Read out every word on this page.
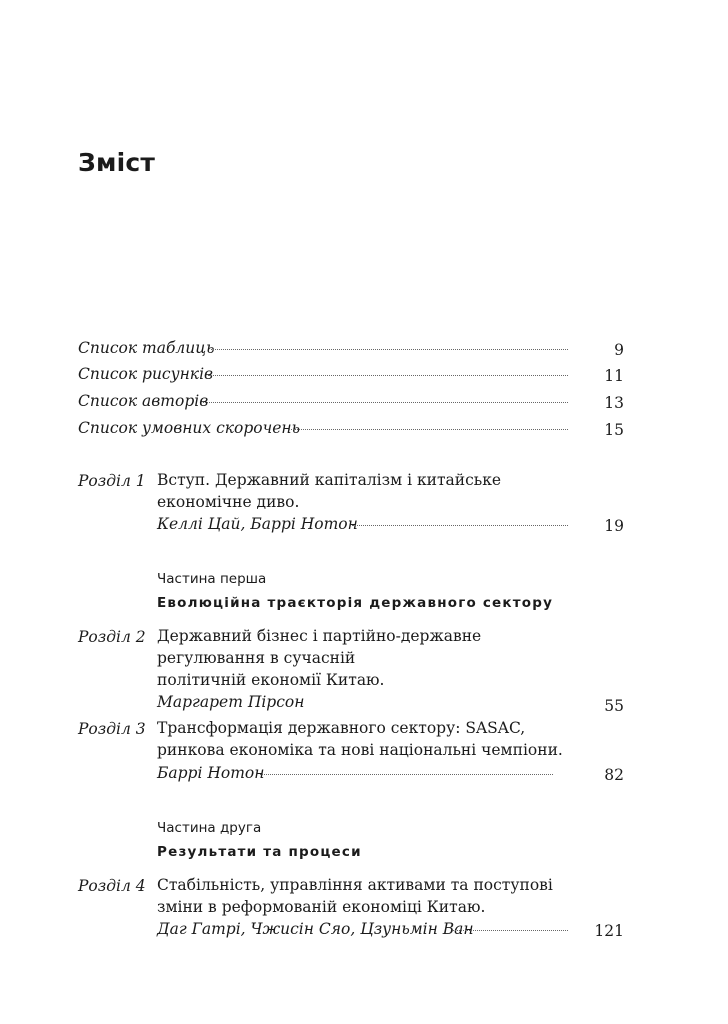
Зміст
Список таблиць	9
Список рисунків	11
Список авторів	13
Список умовних скорочень	15
Розділ 1 Вступ. Державний капіталізм і китайське
економічне диво.
Келлі Цай, Баррі Нотон	19
Частина перша
Еволюційна траєкторія державного сектору
Розділ 2 Державний бізнес і партійно-державне
регулювання в сучасній
політичній економії Китаю.
Маргарет Пірсон	55
Розділ 3 Трансформація державного сектору: SASAC,
ринкова економіка та нові національні чемпіони.
Баррі Нотон	82
Частина друга
Результати та процеси
Розділ 4 Стабільність, управління активами та поступові
зміни в реформованій економіці Китаю.
Даг Гатрі, Чжисін Сяо, Цзуньмін Ван	121
